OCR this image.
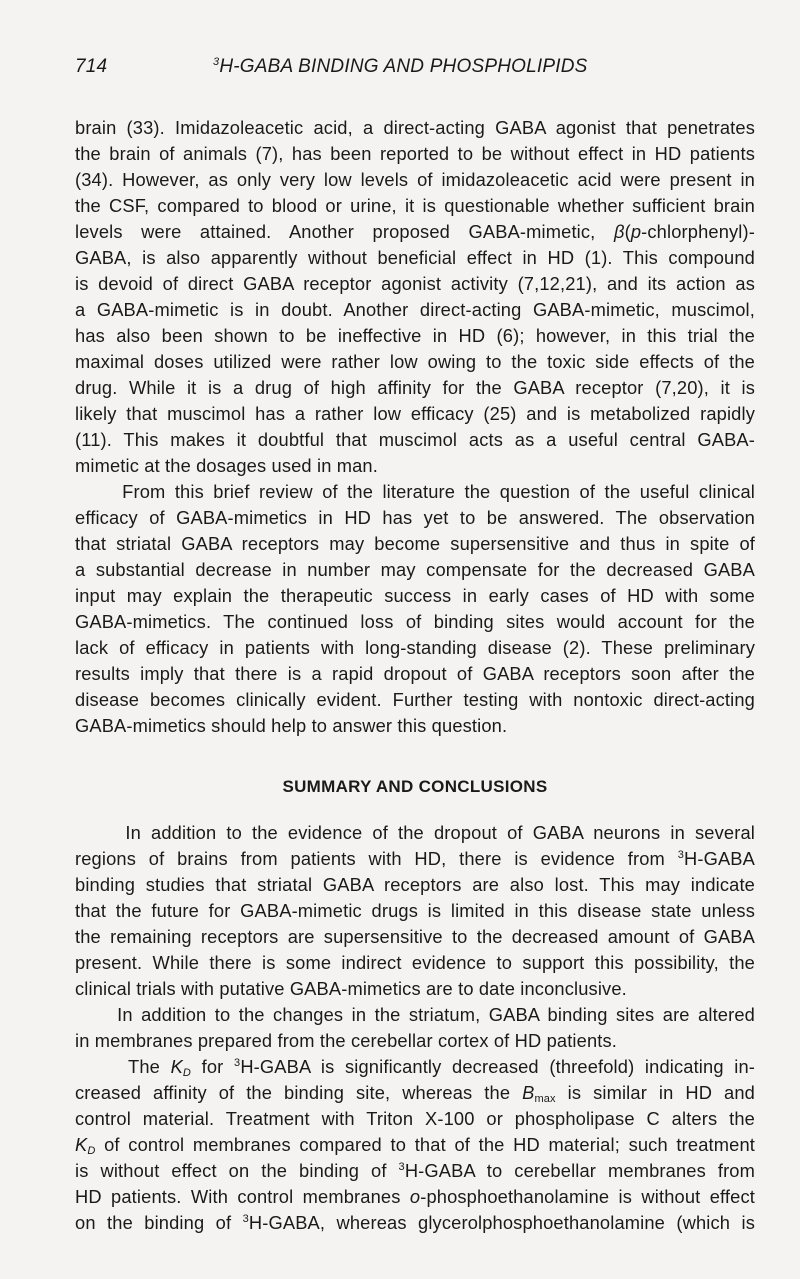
714	$^3$H-GABA BINDING AND PHOSPHOLIPIDS
brain (33). Imidazoleacetic acid, a direct-acting GABA agonist that penetrates
the brain of animals (7), has been reported to be without effect in HD patients
(34). However, as only very low levels of imidazoleacetic acid were present in
the CSF, compared to blood or urine, it is questionable whether sufficient brain
levels were attained. Another proposed GABA-mimetic, β(p-chlorphenyl)-
GABA, is also apparently without beneficial effect in HD (1). This compound
is devoid of direct GABA receptor agonist activity (7,12,21), and its action as
a GABA-mimetic is in doubt. Another direct-acting GABA-mimetic, muscimol,
has also been shown to be ineffective in HD (6); however, in this trial the
maximal doses utilized were rather low owing to the toxic side effects of the
drug. While it is a drug of high affinity for the GABA receptor (7,20), it is
likely that muscimol has a rather low efficacy (25) and is metabolized rapidly
(11). This makes it doubtful that muscimol acts as a useful central GABA-
mimetic at the dosages used in man.
From this brief review of the literature the question of the useful clinical
efficacy of GABA-mimetics in HD has yet to be answered. The observation
that striatal GABA receptors may become supersensitive and thus in spite of
a substantial decrease in number may compensate for the decreased GABA
input may explain the therapeutic success in early cases of HD with some
GABA-mimetics. The continued loss of binding sites would account for the
lack of efficacy in patients with long-standing disease (2). These preliminary
results imply that there is a rapid dropout of GABA receptors soon after the
disease becomes clinically evident. Further testing with nontoxic direct-acting
GABA-mimetics should help to answer this question.
SUMMARY AND CONCLUSIONS
In addition to the evidence of the dropout of GABA neurons in several
regions of brains from patients with HD, there is evidence from $^3$H-GABA
binding studies that striatal GABA receptors are also lost. This may indicate
that the future for GABA-mimetic drugs is limited in this disease state unless
the remaining receptors are supersensitive to the decreased amount of GABA
present. While there is some indirect evidence to support this possibility, the
clinical trials with putative GABA-mimetics are to date inconclusive.
In addition to the changes in the striatum, GABA binding sites are altered
in membranes prepared from the cerebellar cortex of HD patients.
The $K_D$ for $^3$H-GABA is significantly decreased (threefold) indicating in-
creased affinity of the binding site, whereas the $B_{max}$ is similar in HD and
control material. Treatment with Triton X-100 or phospholipase C alters the
$K_D$ of control membranes compared to that of the HD material; such treatment
is without effect on the binding of $^3$H-GABA to cerebellar membranes from
HD patients. With control membranes o-phosphoethanolamine is without effect
on the binding of $^3$H-GABA, whereas glycerolphosphoethanolamine (which is
